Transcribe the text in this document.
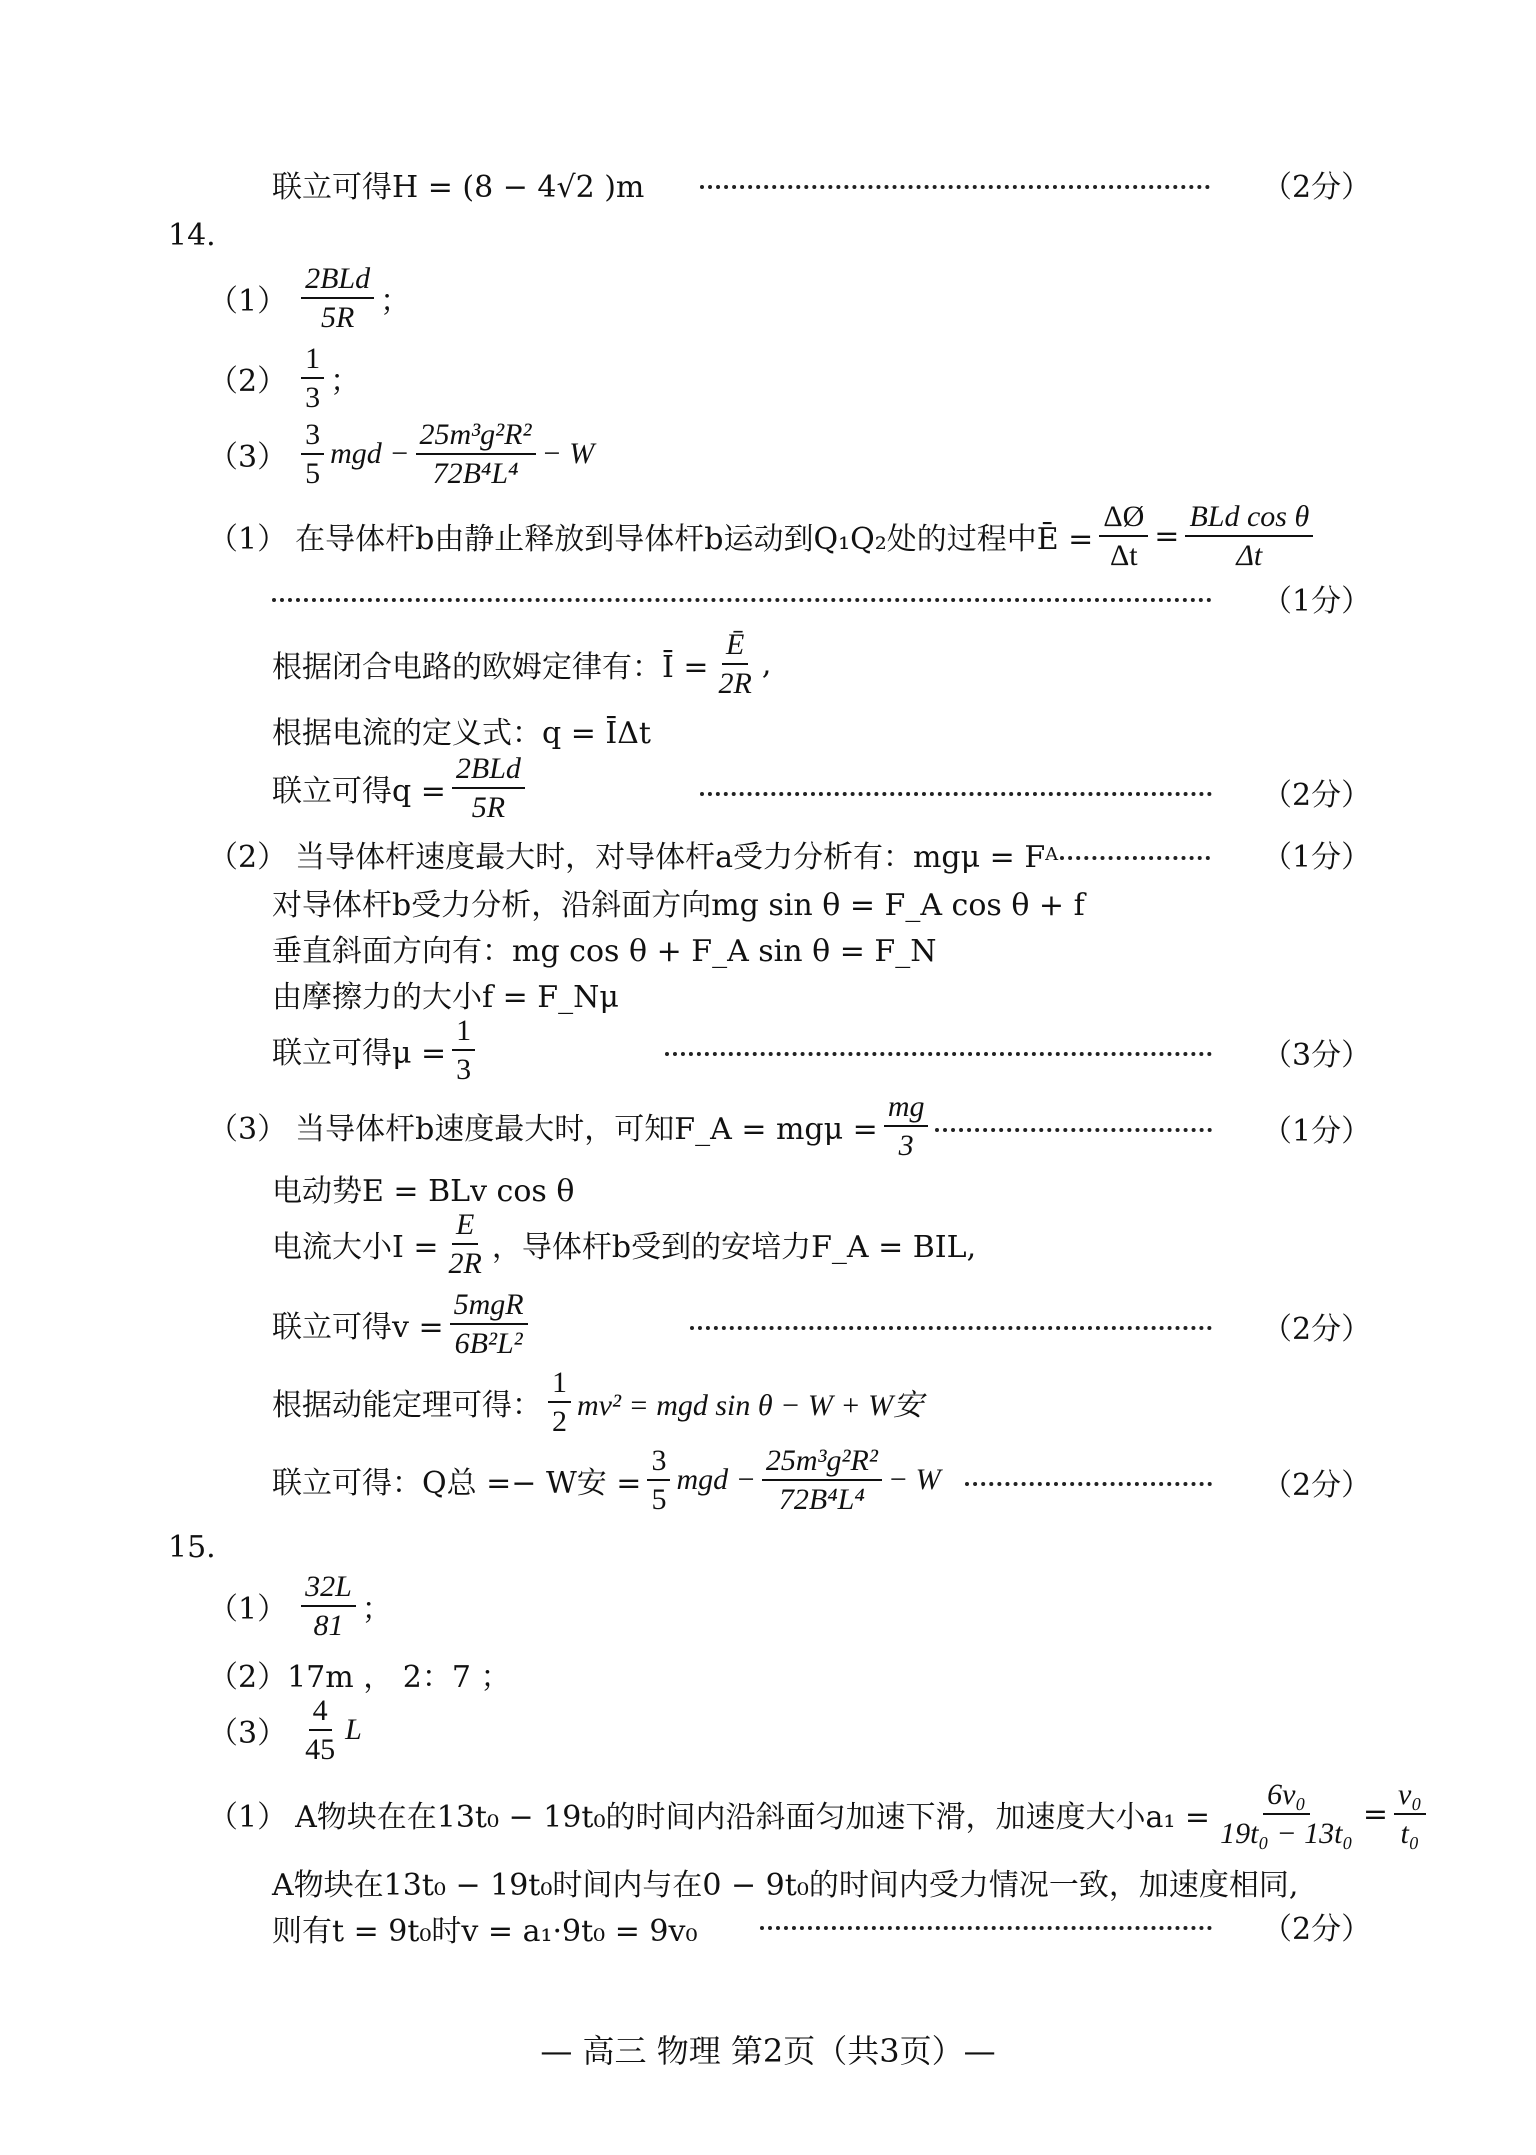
联立可得H = (8 − 4√2 )m	（2分）
14.
$(1) \frac{\text{2BLd}}{5R}$ ；
$(2) \frac{1}{3}$ ；
$(3) \frac{3}{5}$ mgd − $\frac{\text{25m³g²R²}}{\text{72B⁴L⁴}} - W$
（1） 在导体杆b由静止释放到导体杆b运动到Q₁Q₂处的过程中Ē = $\frac{\Delta Ø}{\Delta t} = \frac{\text{BLd cos θ}}{\Delta t}$
（1分）
根据闭合电路的欧姆定律有：Ī = $\frac{Ē}{2R}$ ,
根据电流的定义式：q = ĪΔt
联立可得$q = \frac{\text{2BLd}}{5R}$	（2分）
（2） 当导体杆速度最大时，对导体杆a受力分析有：mgμ = F A	（1分）
对导体杆b受力分析，沿斜面方向mg sin θ = F_A cos θ + f
垂直斜面方向有：mg cos θ + F_A sin θ = F_N
由摩擦力的大小f = F_Nμ
联立可得$\mu = \frac{1}{3}$	（3分）
（3） 当导体杆b速度最大时，可知F_A = $mg\mu = \frac{mg}{3}$	（1分）
电动势E = BLv cos θ
电流大小$I = \frac{E}{2R}$ ，导体杆b受到的安培力F_A = BIL,
联立可得$v = \frac{\text{5mgR}}{\text{6B²L²}}$	（2分）
根据动能定理可得： $\frac{1}{2} mv^2$ = mgd sin θ − W + W安
联立可得：Q总 =− W安 = $\frac{3}{5}$ mgd − $\frac{\text{25m³g²R²}}{\text{72B⁴L⁴}} - W$	（2分）
15.
$(1) \frac{32L}{81}$ ；
（2）17m ， 2：7 ；
$(3) \frac{4}{45}$ L
（1） A物块在在13t₀ − 19t₀的时间内沿斜面匀加速下滑，加速度大小$a_1 = \frac{\text{6v₀}}{\text{19t₀ − 13t₀}} = \frac{\text{v₀}}{\text{t₀}}$
A物块在13t₀ − 19t₀时间内与在0 − 9t₀的时间内受力情况一致，加速度相同,
则有t = 9t₀时v = a₁·9t₀ = 9v₀	（2分）
— 高三 物理 第2页（共3页）—
